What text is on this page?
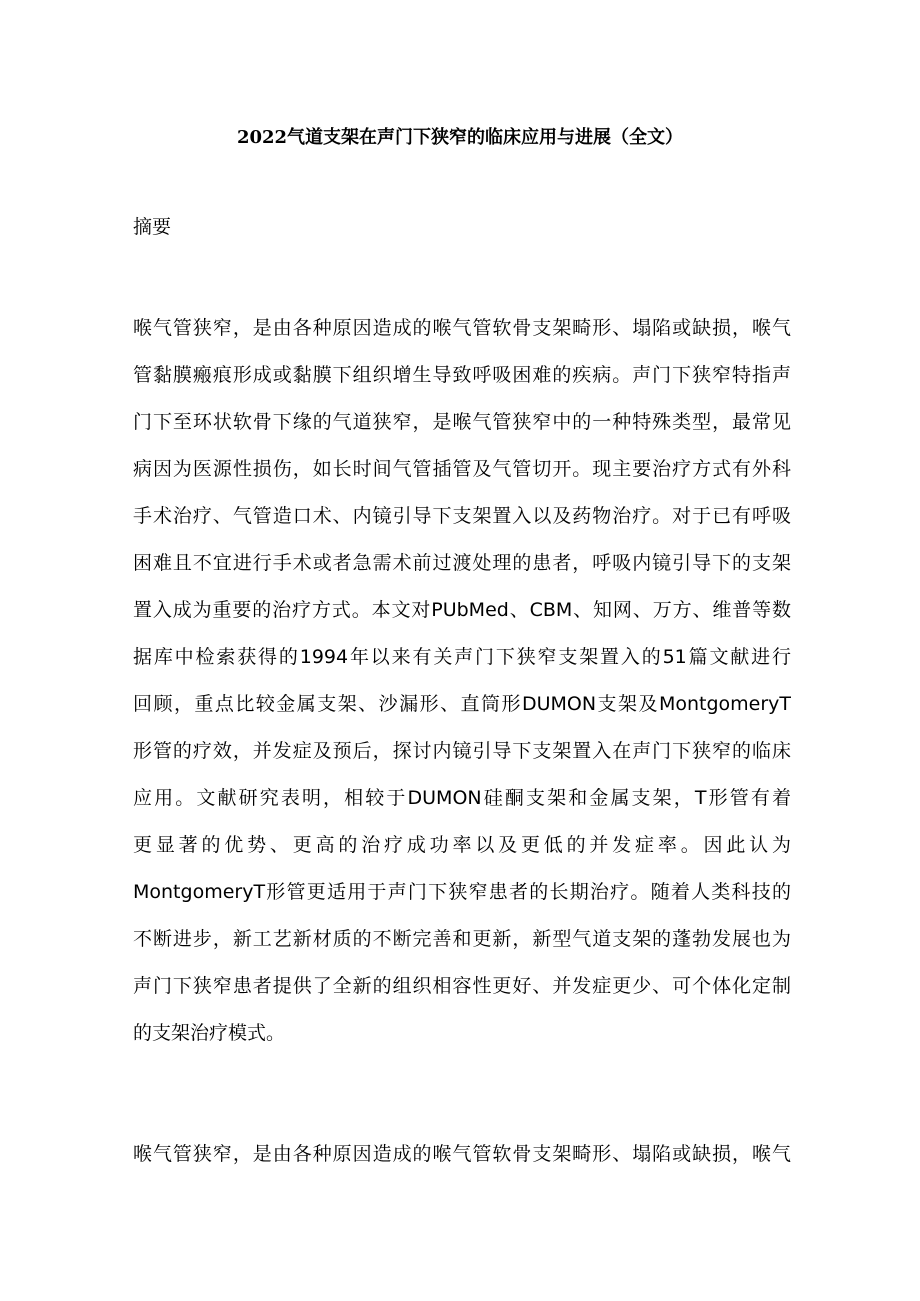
2022气道支架在声门下狭窄的临床应用与进展（全文）
摘要

喉气管狭窄，是由各种原因造成的喉气管软骨支架畸形、塌陷或缺损，喉气
管黏膜瘢痕形成或黏膜下组织增生导致呼吸困难的疾病。声门下狭窄特指声
门下至环状软骨下缘的气道狭窄，是喉气管狭窄中的一种特殊类型，最常见
病因为医源性损伤，如长时间气管插管及气管切开。现主要治疗方式有外科
手术治疗、气管造口术、内镜引导下支架置入以及药物治疗。对于已有呼吸
困难且不宜进行手术或者急需术前过渡处理的患者，呼吸内镜引导下的支架
置入成为重要的治疗方式。本文对PUbMed、CBM、知网、万方、维普等数
据库中检索获得的1994年以来有关声门下狭窄支架置入的51篇文献进行
回顾，重点比较金属支架、沙漏形、直筒形DUMON支架及MontgomeryT
形管的疗效，并发症及预后，探讨内镜引导下支架置入在声门下狭窄的临床
应用。文献研究表明，相较于DUMON硅酮支架和金属支架，T形管有着
更显著的优势、更高的治疗成功率以及更低的并发症率。因此认为
MontgomeryT形管更适用于声门下狭窄患者的长期治疗。随着人类科技的
不断进步，新工艺新材质的不断完善和更新，新型气道支架的蓬勃发展也为
声门下狭窄患者提供了全新的组织相容性更好、并发症更少、可个体化定制
的支架治疗模式。

喉气管狭窄，是由各种原因造成的喉气管软骨支架畸形、塌陷或缺损，喉气
